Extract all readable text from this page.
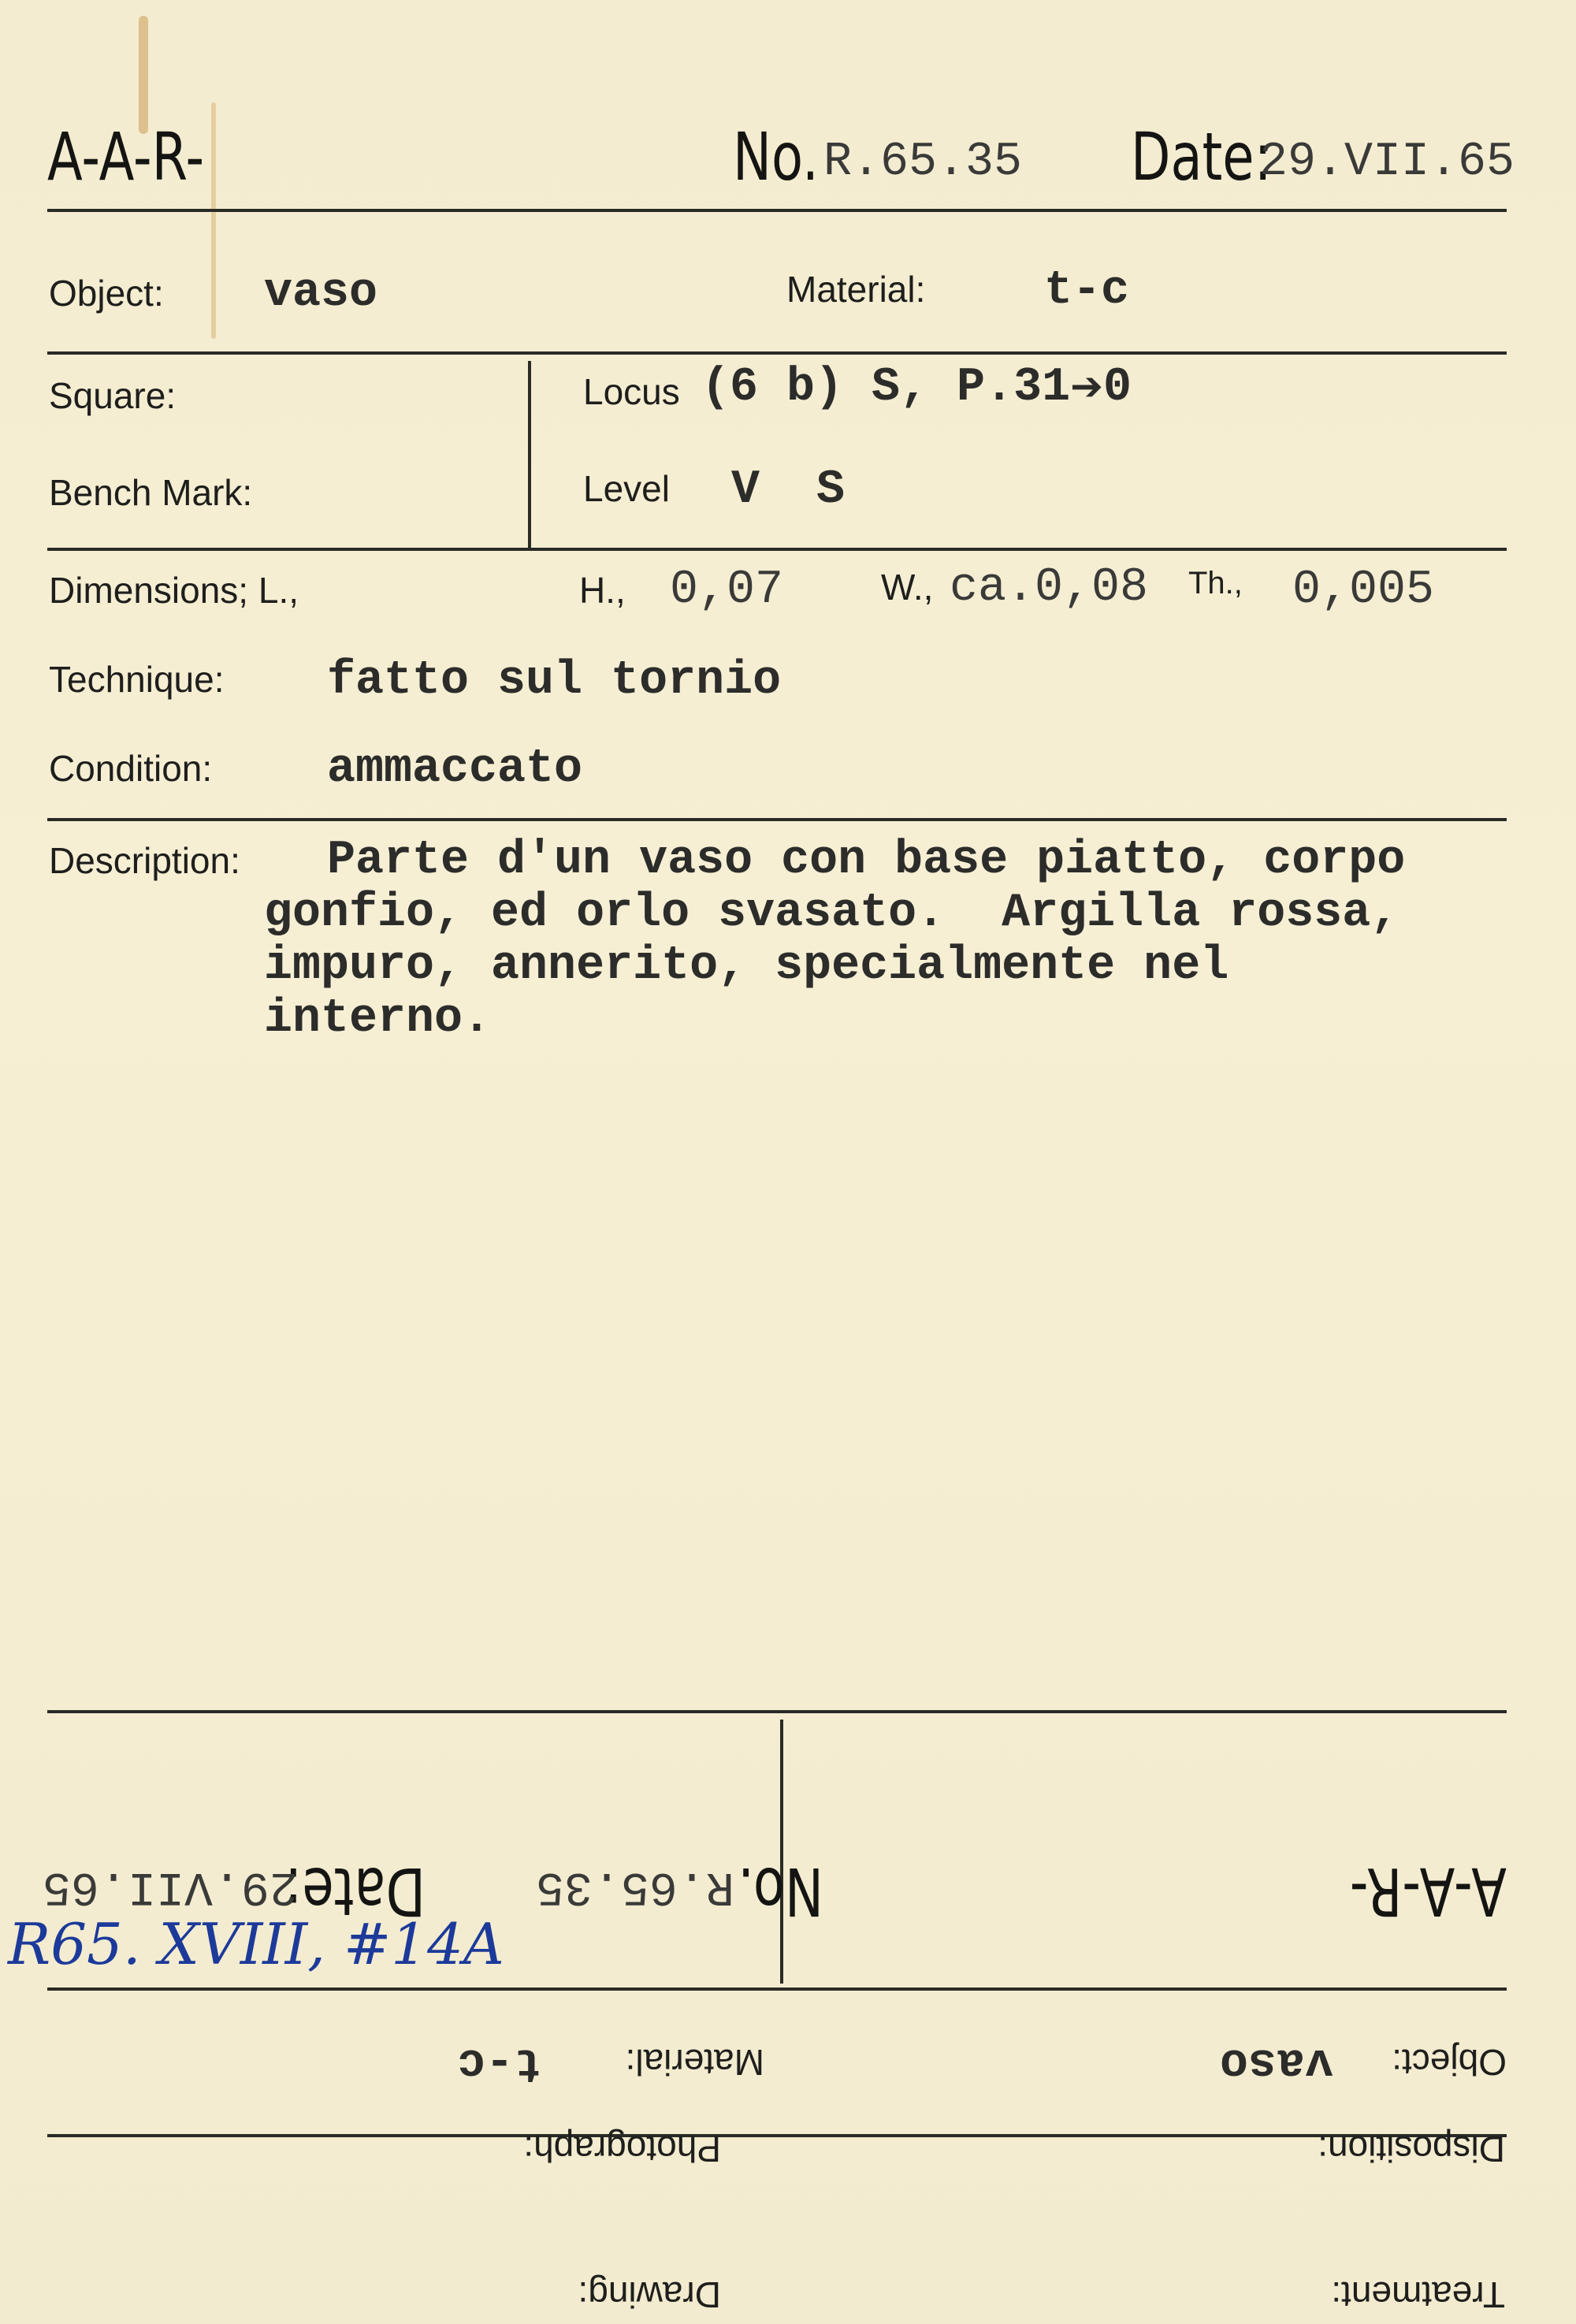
A-A-R-	No. R.65.35 Date:
29.VII.65
Object: vaso	Material:	t-c
Square:	Locus (6 b) S, P.31➔0
Bench Mark:	Level V  S
Dimensions; L.,	H., 0,07	W., ca.0,08 Th., 0,005
Technique: fatto sul tornio
Condition: ammaccato
Description: Parte d'un vaso con base piatto, corpo
gonfio, ed orlo svasato.  Argilla rossa,
impuro, annerito, specialmente nel
interno.
A-A-R-
No.
R.65.35
Date:
29.VII.65
Object:
vaso
Material:
t-c
Disposition:
Photograph:
Treatment:
Drawing:
R65. XVIII, #14A
